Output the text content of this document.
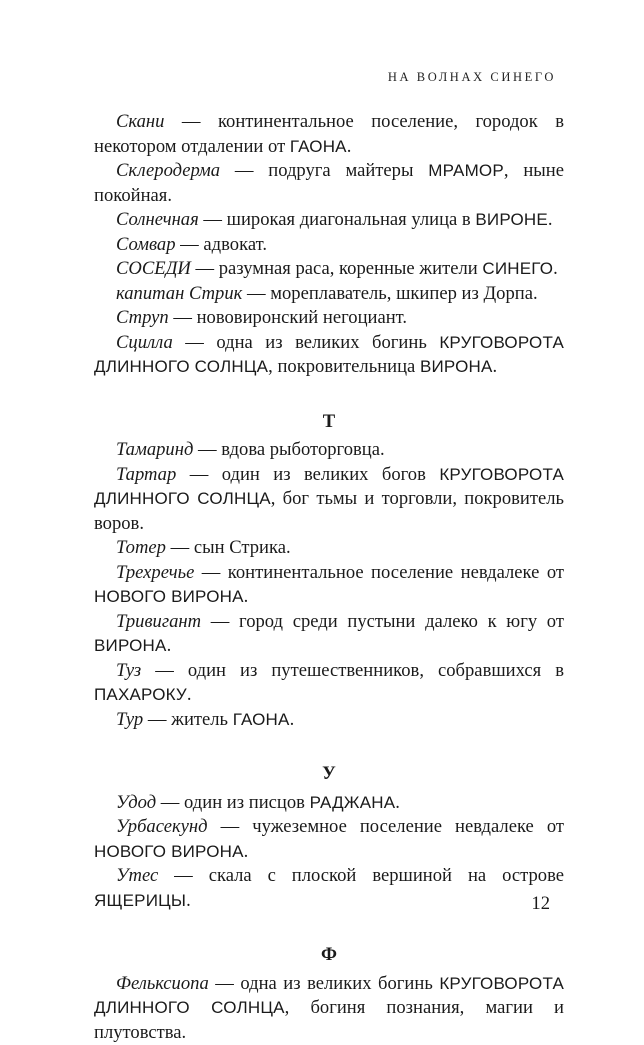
НА ВОЛНАХ СИНЕГО

Скани — континентальное поселение, городок в некотором отдалении от ГАОНА.

Склеродерма — подруга майтеры МРАМОР, ныне покойная.

Солнечная — широкая диагональная улица в ВИРОНЕ.

Сомвар — адвокат.

СОСЕДИ — разумная раса, коренные жители СИНЕГО.

капитан Стрик — мореплаватель, шкипер из Дорпа.

Струп — нововиронский негоциант.

Сцилла — одна из великих богинь КРУГОВОРОТА ДЛИННОГО СОЛНЦА, покровительница ВИРОНА.

Т

Тамаринд — вдова рыботорговца.

Тартар — один из великих богов КРУГОВОРОТА ДЛИННОГО СОЛНЦА, бог тьмы и торговли, покровитель воров.

Тотер — сын Стрика.

Трехречье — континентальное поселение невдалеке от НОВОГО ВИРОНА.

Тривигант — город среди пустыни далеко к югу от ВИРОНА.

Туз — один из путешественников, собравшихся в ПАХАРОКУ.

Тур — житель ГАОНА.

У

Удод — один из писцов РАДЖАНА.

Урбасекунд — чужеземное поселение невдалеке от НОВОГО ВИРОНА.

Утес — скала с плоской вершиной на острове ЯЩЕРИЦЫ.

Ф

Фельксиопа — одна из великих богинь КРУГОВОРОТА ДЛИННОГО СОЛНЦА, богиня познания, магии и плутовства.

12
